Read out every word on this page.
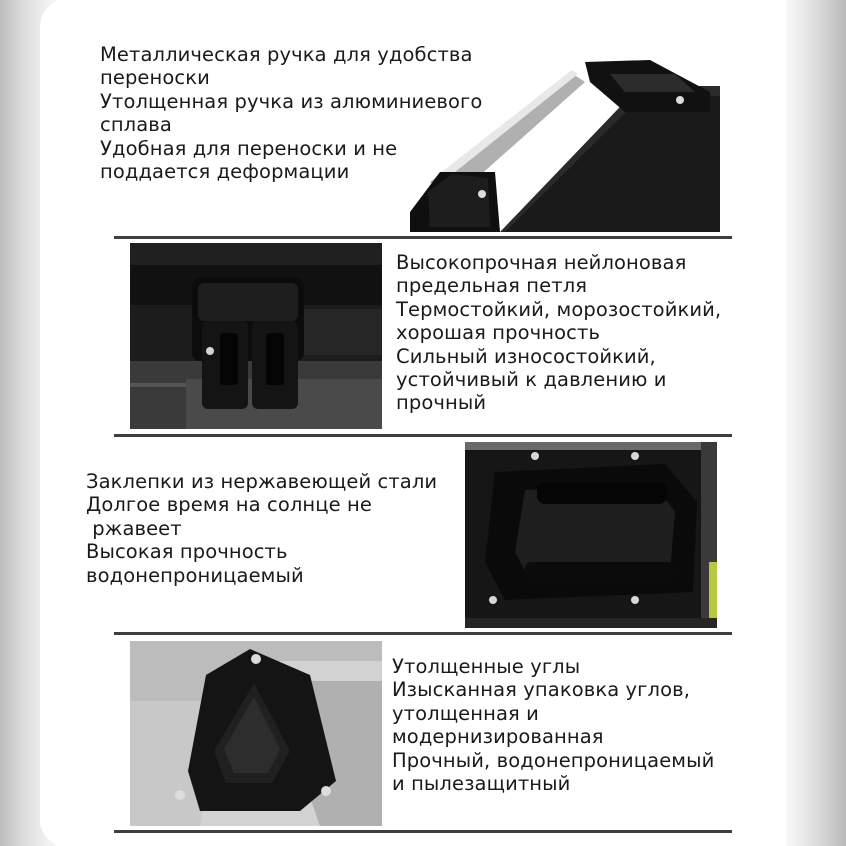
Металлическая ручка для удобства
переноски
Утолщенная ручка из алюминиевого
сплава
Удобная для переноски и не
поддается деформации
Высокопрочная нейлоновая
предельная петля
Термостойкий, морозостойкий,
хорошая прочность
Сильный износостойкий,
устойчивый к давлению и
прочный
Заклепки из нержавеющей стали
Долгое время на солнце не
ржавеет
Высокая прочность
водонепроницаемый
Утолщенные углы
Изысканная упаковка углов,
утолщенная и
модернизированная
Прочный, водонепроницаемый
и пылезащитный
